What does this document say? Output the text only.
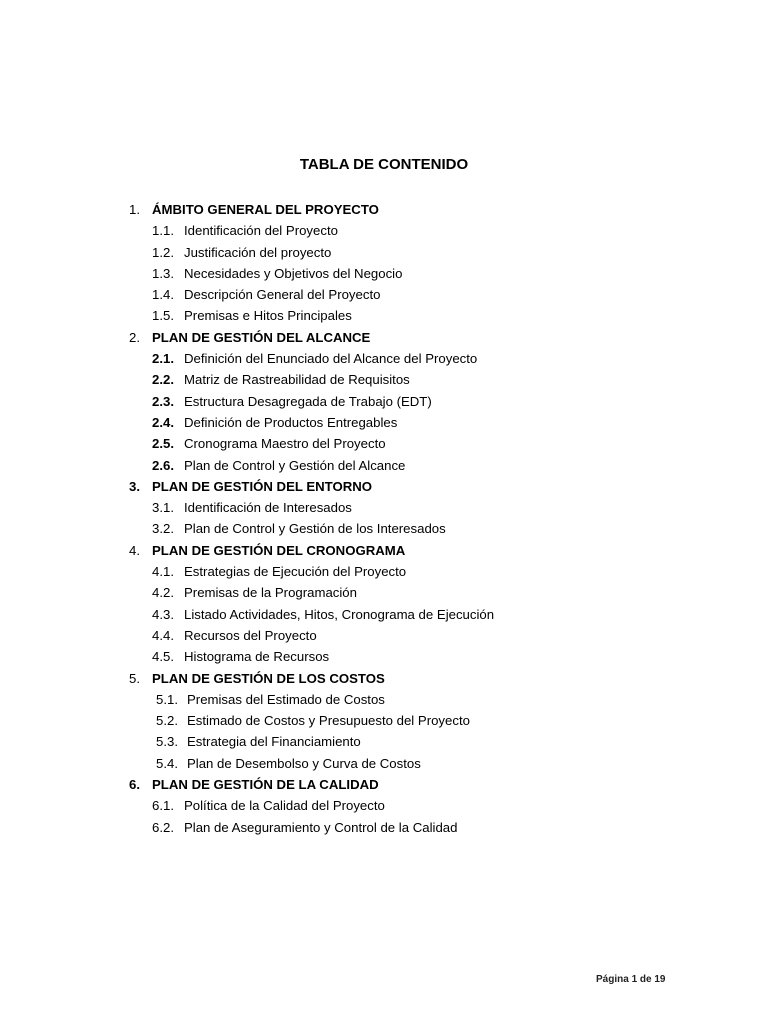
TABLA DE CONTENIDO
1. ÁMBITO GENERAL DEL PROYECTO
1.1. Identificación del Proyecto
1.2. Justificación del proyecto
1.3. Necesidades y Objetivos del Negocio
1.4. Descripción General del Proyecto
1.5. Premisas e Hitos Principales
2. PLAN DE GESTIÓN DEL ALCANCE
2.1. Definición del Enunciado del Alcance del Proyecto
2.2. Matriz de Rastreabilidad de Requisitos
2.3. Estructura Desagregada de Trabajo (EDT)
2.4. Definición de Productos Entregables
2.5. Cronograma Maestro del Proyecto
2.6. Plan de Control y Gestión del Alcance
3. PLAN DE GESTIÓN DEL ENTORNO
3.1. Identificación de Interesados
3.2. Plan de Control y Gestión de los Interesados
4. PLAN DE GESTIÓN DEL CRONOGRAMA
4.1. Estrategias de Ejecución del Proyecto
4.2. Premisas de la Programación
4.3. Listado Actividades, Hitos, Cronograma de Ejecución
4.4. Recursos del Proyecto
4.5. Histograma de Recursos
5. PLAN DE GESTIÓN DE LOS COSTOS
5.1. Premisas del Estimado de Costos
5.2. Estimado de Costos y Presupuesto del Proyecto
5.3. Estrategia del Financiamiento
5.4. Plan de Desembolso y Curva de Costos
6. PLAN DE GESTIÓN DE LA CALIDAD
6.1. Política de la Calidad del Proyecto
6.2. Plan de Aseguramiento y Control de la Calidad
Página 1 de 19
